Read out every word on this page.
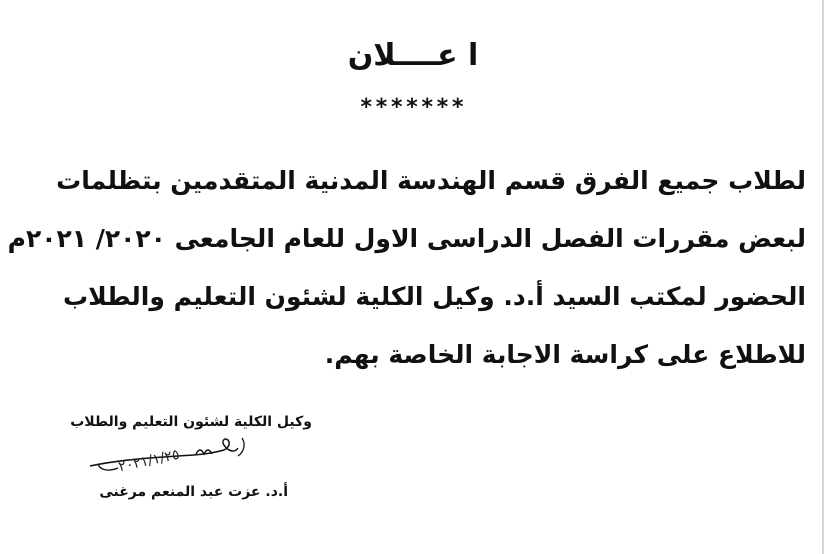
ا عــــلان
*******
لطلاب جميع الفرق قسم الهندسة المدنية المتقدمين بتظلمات
لبعض مقررات الفصل الدراسى الاول للعام الجامعى ٢٠٢٠/ ٢٠٢١م
الحضور لمكتب السيد أ.د. وكيل الكلية لشئون التعليم والطلاب
للاطلاع على كراسة الاجابة الخاصة بهم.
وكيل الكلية لشئون التعليم والطلاب
٢٠٢١/١/٢٥
أ.د. عزت عبد المنعم مرغنى
